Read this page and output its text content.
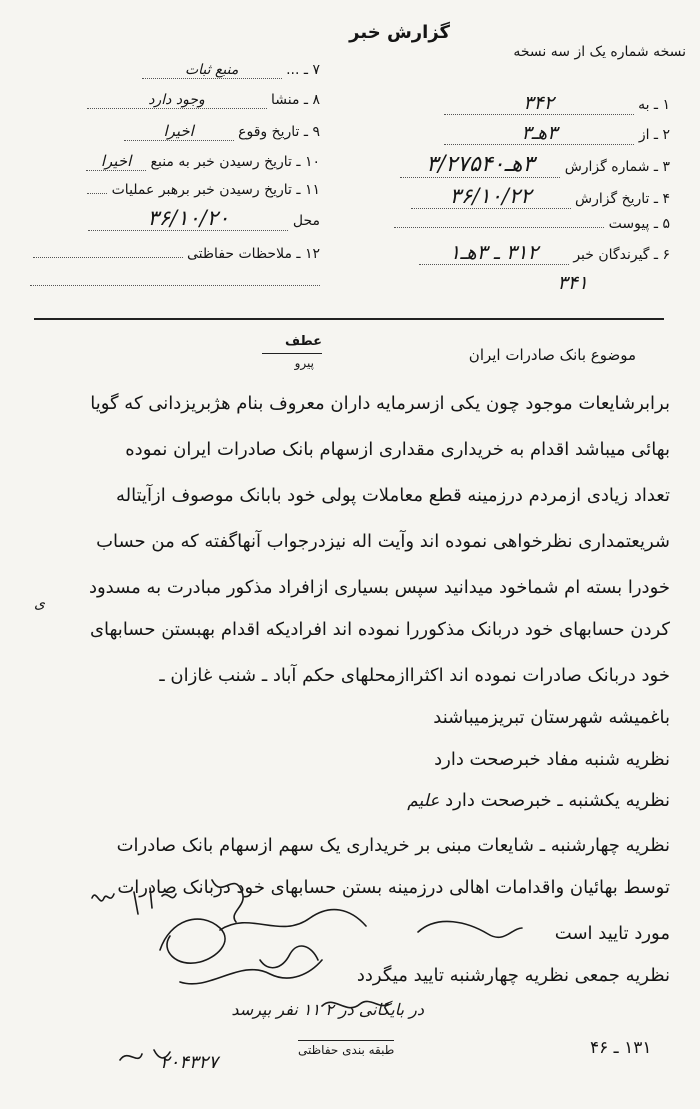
گزارش خبر
نسخه شماره یک از سه نسخه
۱ ـ به ۳۴۲
۲ ـ از ۳هـ۳
۳ ـ شماره گزارش ۳هـ۳/۲۷۵۴۰
۴ ـ تاریخ گزارش ۳۶/۱۰/۲۲
۵ ـ پیوست
۶ ـ گیرندگان خبر ۳۱۲ ـ ۳هـ۱
۳۴۱
۷ ـ ... منبع ثبات
۸ ـ منشا وجود دارد
۹ ـ تاریخ وقوع اخیرا
۱۰ ـ تاریخ رسیدن خبر به منبع اخیرا
۱۱ ـ تاریخ رسیدن خبر برهبر عملیات
محل ۳۶/۱۰/۲۰
۱۲ ـ ملاحظات حفاظتی
عطف
پیرو	موضوع بانک صادرات ایران
برابرشایعات موجود چون یکی ازسرمایه داران معروف بنام هژبریزدانی که گویا
بهائی میباشد اقدام به خریداری مقداری ازسهام بانک صادرات ایران نموده
تعداد زیادی ازمردم درزمینه قطع معاملات پولی خود بابانک موصوف ازآیتاله
شریعتمداری نظرخواهی نموده اند وآیت اله نیزدرجواب آنهاگفته که من حساب
خودرا بسته ام شماخود میدانید سپس بسیاری ازافراد مذکور مبادرت به مسدود
کردن حسابهای خود دربانک مذکوررا نموده اند افرادیکه اقدام بهبستن حسابهای
ی
خود دربانک صادرات نموده اند اکثراازمحلهای حکم آباد ـ شنب غازان ـ
باغمیشه شهرستان تبریزمیباشند
نظریه شنبه مفاد خبرصحت دارد
نظریه یکشنبه ـ خبرصحت دارد علیم
نظریه چهارشنبه ـ شایعات مبنی بر خریداری یک سهم ازسهام بانک صادرات
توسط بهائیان واقدامات اهالی درزمینه بستن حسابهای خود دربانک صادرات
مورد تایید است
نظریه جمعی نظریه چهارشنبه تایید میگردد
در بایگانی در ۲ ۱۱ نفر بپرسد
۲۰۴۳۲۷
طبقه بندی حفاظتی	۱۳۱ ـ ۴۶
